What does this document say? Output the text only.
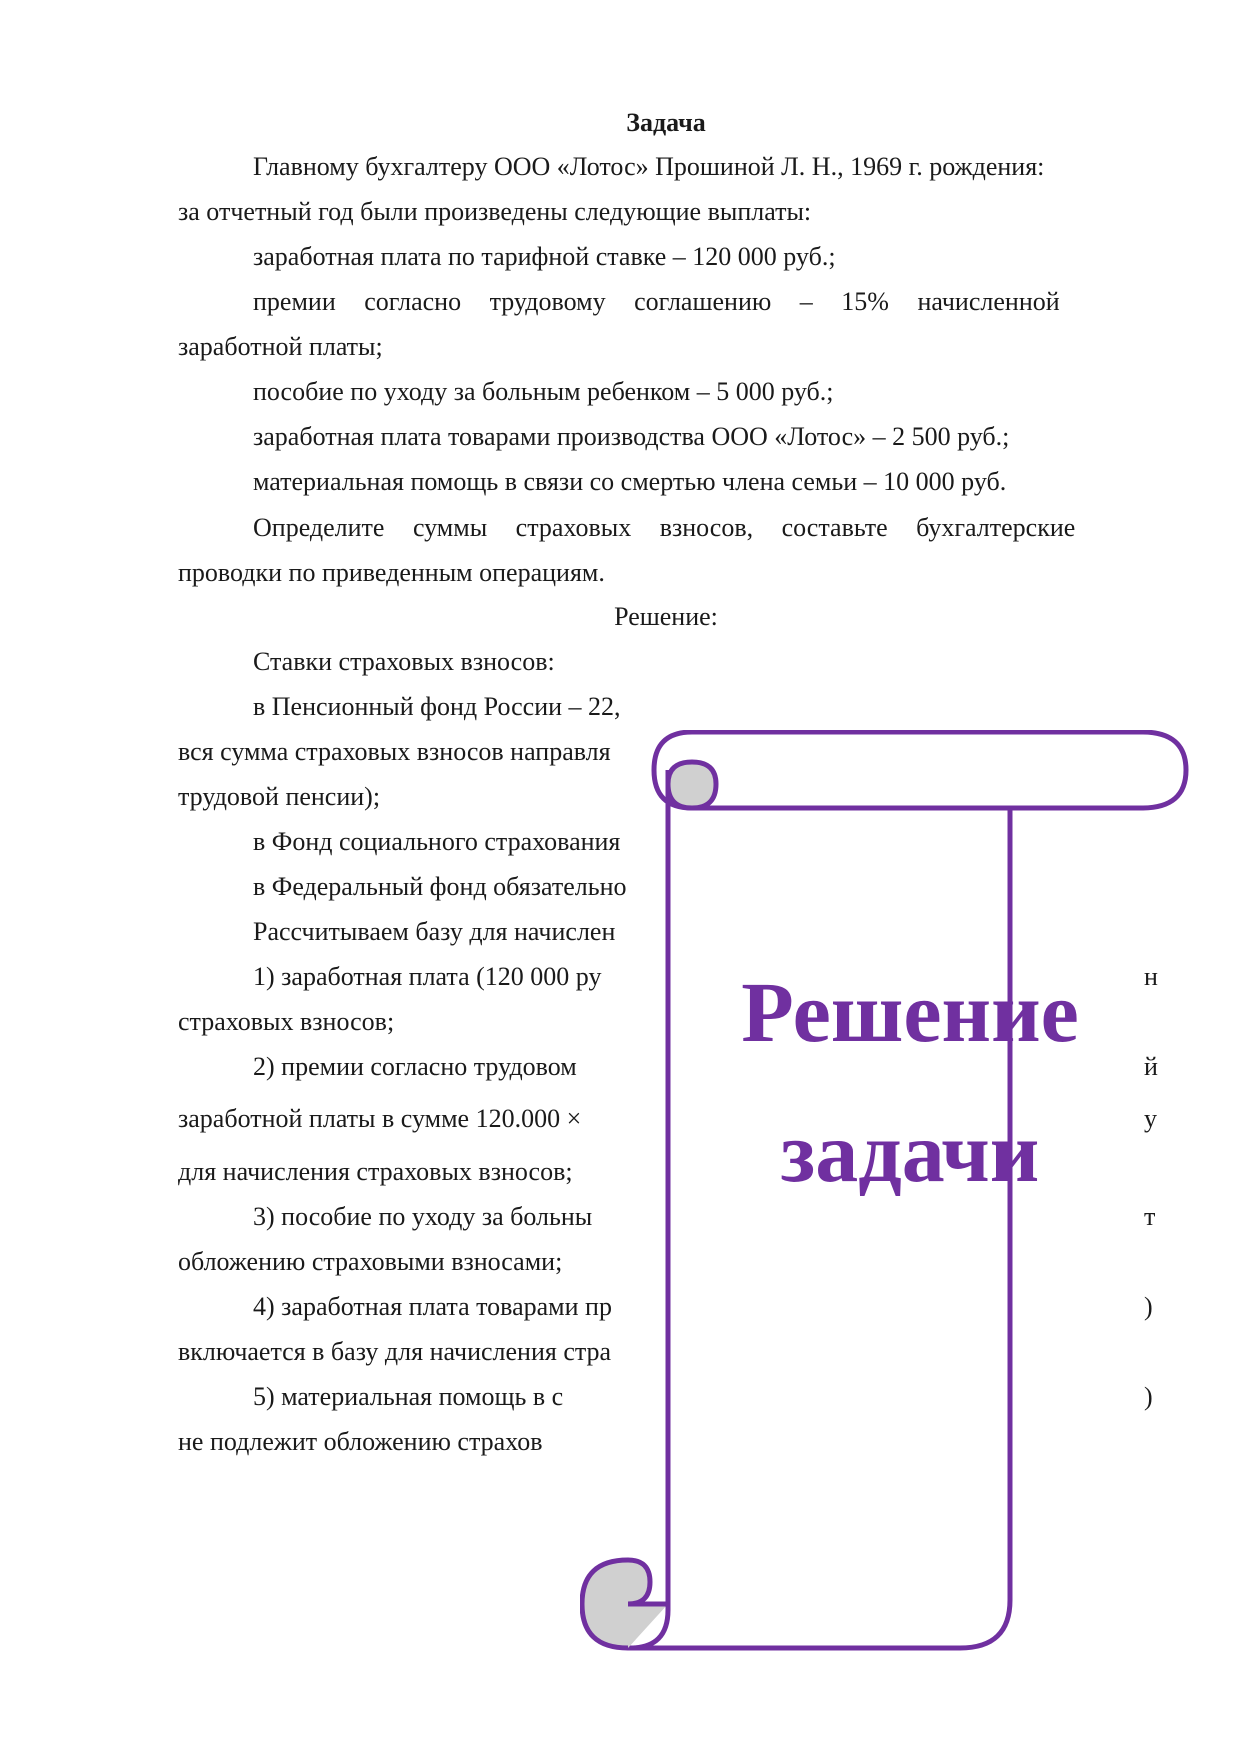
Задача
Главному бухгалтеру ООО «Лотос» Прошиной Л. Н., 1969 г. рождения:
за отчетный год были произведены следующие выплаты:
заработная плата по тарифной ставке – 120 000 руб.;
премии согласно трудовому соглашению – 15% начисленной
заработной платы;
пособие по уходу за больным ребенком – 5 000 руб.;
заработная плата товарами производства ООО «Лотос» – 2 500 руб.;
материальная помощь в связи со смертью члена семьи – 10 000 руб.
Определите суммы страховых взносов, составьте бухгалтерские
проводки по приведенным операциям.
Решение:
Ставки страховых взносов:
в Пенсионный фонд России – 22,
вся сумма страховых взносов направля
трудовой пенсии);
в Фонд социального страхования
в Федеральный фонд обязательно
Рассчитываем базу для начислен
1) заработная плата (120 000 ру	н
страховых взносов;
2) премии согласно трудовом	й
заработной платы в сумме 120.000 ×	у
для начисления страховых взносов;
3) пособие по уходу за больны	т
обложению страховыми взносами;
4) заработная плата товарами пр	)
включается в базу для начисления стра
5) материальная помощь в с	)
не подлежит обложению страхов
Решение
задачи
